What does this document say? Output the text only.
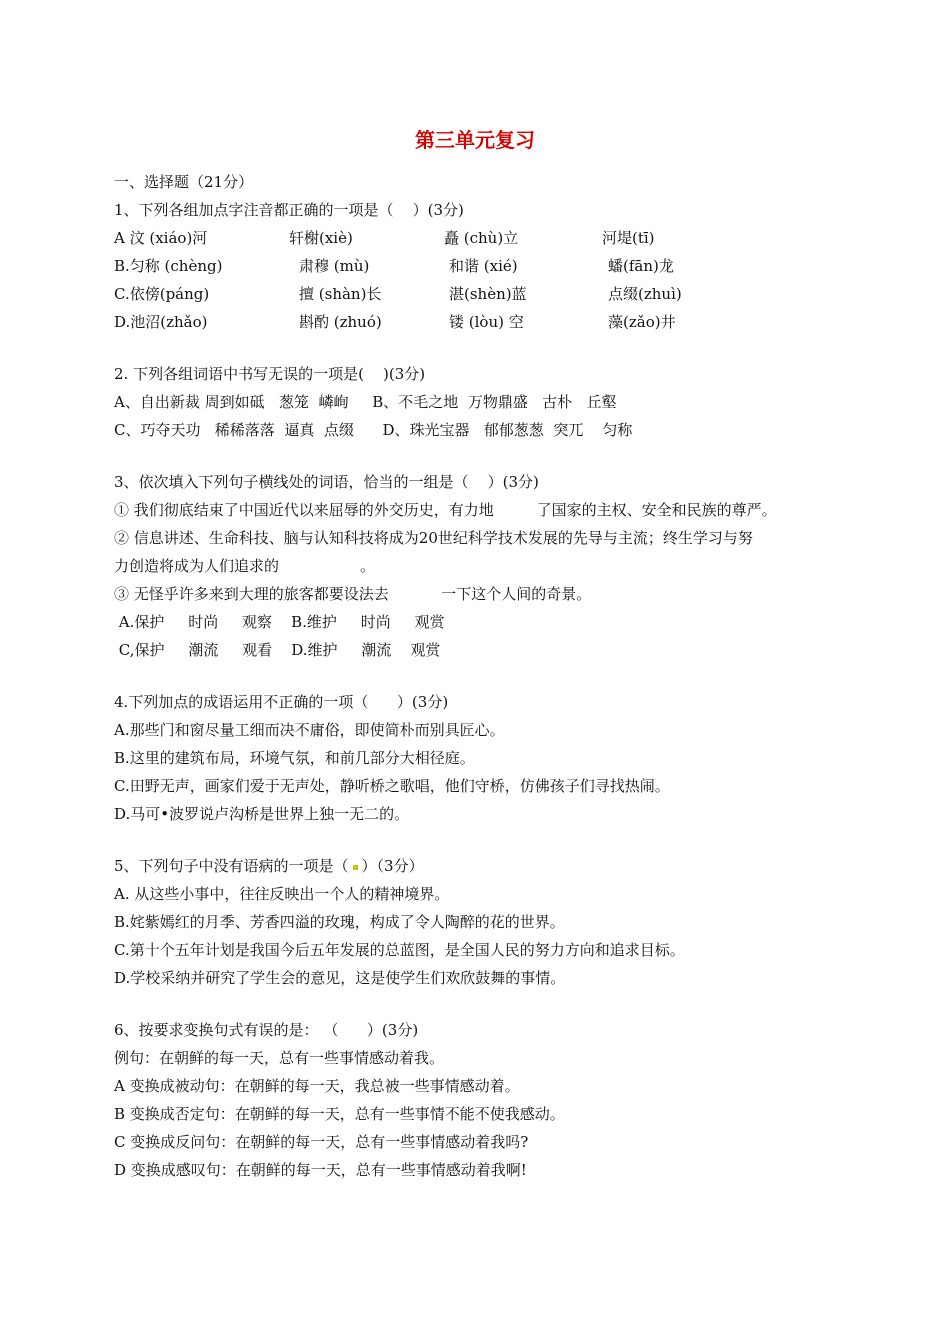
第三单元复习
一、选择题（21分）
1、下列各组加点字注音都正确的一项是（    ）(3分)
A 汶 (xiáo)河	轩榭(xiè)	矗 (chù)立	河堤(tī)
B.匀称 (chèng)	肃穆 (mù)	和谐 (xié)	蟠(fān)龙
C.依傍(páng)	擅 (shàn)长	湛(shèn)蓝	点缀(zhuì)
D.池沼(zhǎo)	斟酌 (zhuó)	镂 (lòu) 空	藻(zǎo)井
2. 下列各组词语中书写无误的一项是(    )(3分)
A、自出新裁 周到如砥   葱笼  嶙峋     B、不毛之地  万物鼎盛   古朴   丘壑
C、巧夺天功   稀稀落落  逼真  点缀      D、珠光宝器   郁郁葱葱  突兀    匀称
3、依次填入下列句子横线处的词语，恰当的一组是（    ）(3分)
① 我们彻底结束了中国近代以来屈辱的外交历史，有力地         了国家的主权、安全和民族的尊严。
② 信息讲述、生命科技、脑与认知科技将成为20世纪科学技术发展的先导与主流；终生学习与努
力创造将成为人们追求的                 。
③ 无怪乎许多来到大理的旅客都要设法去           一下这个人间的奇景。
A.保护     时尚     观察    B.维护     时尚     观赏
C,保护     潮流     观看    D.维护     潮流    观赏
4.下列加点的成语运用不正确的一项（      ）(3分)
A.那些门和窗尽量工细而决不庸俗，即使简朴而别具匠心。
B.这里的建筑布局，环境气氛，和前几部分大相径庭。
C.田野无声，画家们爱于无声处，静听桥之歌唱，他们守桥，仿佛孩子们寻找热闹。
D.马可•波罗说卢沟桥是世界上独一无二的。
5、下列句子中没有语病的一项是（ ）（3分）
A. 从这些小事中，往往反映出一个人的精神境界。
B.姹紫嫣红的月季、芳香四溢的玫瑰，构成了令人陶醉的花的世界。
C.第十个五年计划是我国今后五年发展的总蓝图，是全国人民的努力方向和追求目标。
D.学校采纳并研究了学生会的意见，这是使学生们欢欣鼓舞的事情。
6、按要求变换句式有误的是： （      ）(3分)
例句：在朝鲜的每一天，总有一些事情感动着我。
A 变换成被动句：在朝鲜的每一天，我总被一些事情感动着。
B 变换成否定句：在朝鲜的每一天，总有一些事情不能不使我感动。
C 变换成反问句：在朝鲜的每一天，总有一些事情感动着我吗?
D 变换成感叹句：在朝鲜的每一天，总有一些事情感动着我啊!
